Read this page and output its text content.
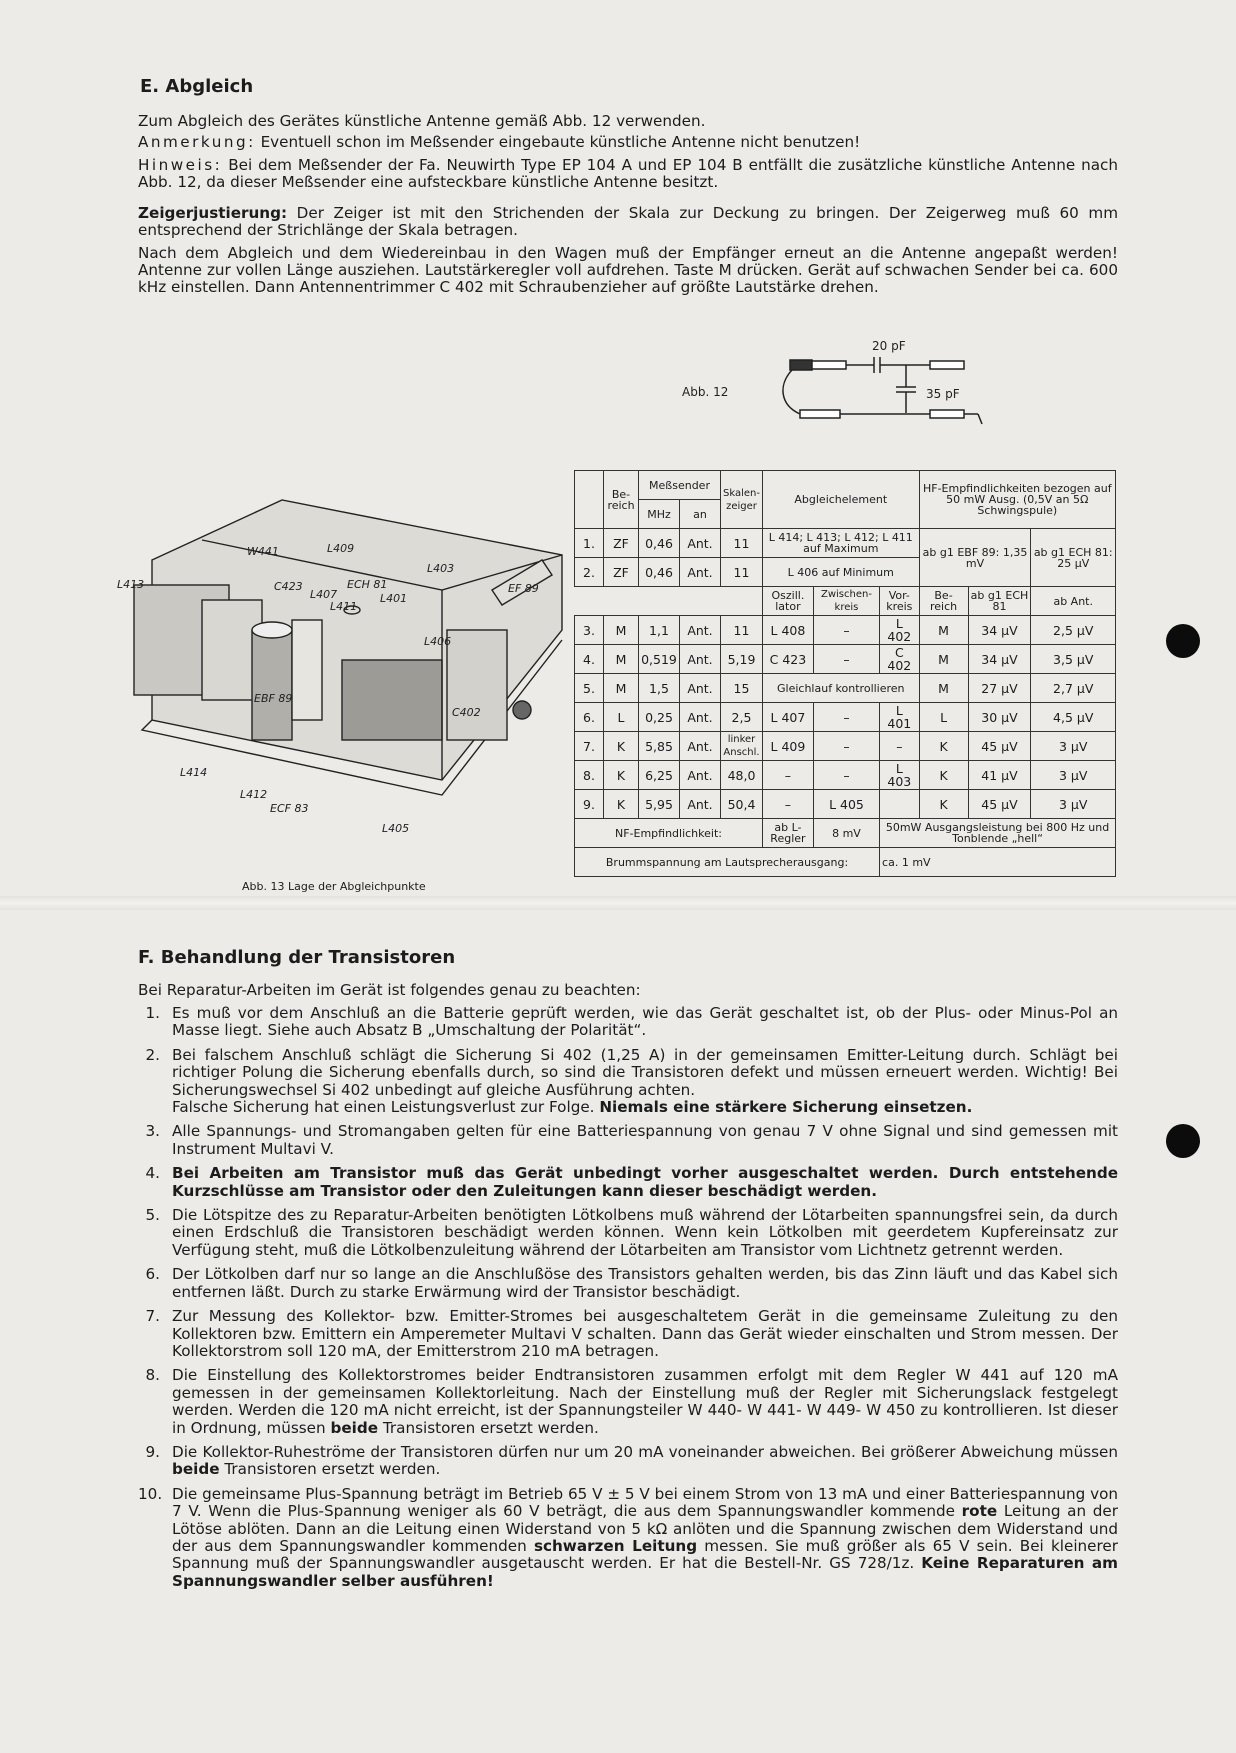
E. Abgleich

Zum Abgleich des Gerätes künstliche Antenne gemäß Abb. 12 verwenden.

Anmerkung: Eventuell schon im Meßsender eingebaute künstliche Antenne nicht benutzen!

Hinweis: Bei dem Meßsender der Fa. Neuwirth Type EP 104 A und EP 104 B entfällt die zusätzliche künstliche Antenne nach Abb. 12, da dieser Meßsender eine aufsteckbare künstliche Antenne besitzt.

Zeigerjustierung: Der Zeiger ist mit den Strichenden der Skala zur Deckung zu bringen. Der Zeigerweg muß 60 mm entsprechend der Strichlänge der Skala betragen.

Nach dem Abgleich und dem Wiedereinbau in den Wagen muß der Empfänger erneut an die Antenne angepaßt werden! Antenne zur vollen Länge ausziehen. Lautstärkeregler voll aufdrehen. Taste M drücken. Gerät auf schwachen Sender bei ca. 600 kHz einstellen. Dann Antennentrimmer C 402 mit Schraubenzieher auf größte Lautstärke drehen.

Abb. 12
20 pF
35 pF
W441	L409
L403
L413	C423
L407
ECH 81
L411
L401
EF 89
L406
EBF 89
C402
L414
L412
ECF 83
L405
Abb. 13 Lage der Abgleichpunkte
	Be-reich	Meßsender		Skalen-zeiger	Abgleichelement			HF-Empfindlichkeiten bezogen auf 50 mW Ausg. (0,5V an 5Ω Schwingspule)		
		MHz	an							
1.	ZF	0,46	Ant.	11	L 414; L 413; L 412; L 411 auf Maximum			ab g1 EBF 89: 1,35 mV		ab g1 ECH 81: 25 μV
2.	ZF	0,46	Ant.	11	L 406 auf Minimum					
					Oszill. lator	Zwischen-kreis	Vor-kreis	Be-reich	ab g1 ECH 81	ab Ant.
3.	M	1,1	Ant.	11	L 408	–	L 402	M	34 μV	2,5 μV
4.	M	0,519	Ant.	5,19	C 423	–	C 402	M	34 μV	3,5 μV
5.	M	1,5	Ant.	15	Gleichlauf kontrollieren			M	27 μV	2,7 μV
6.	L	0,25	Ant.	2,5	L 407	–	L 401	L	30 μV	4,5 μV
7.	K	5,85	Ant.	linker Anschl.	L 409	–	–	K	45 μV	3 μV
8.	K	6,25	Ant.	48,0	–	–	L 403	K	41 μV	3 μV
9.	K	5,95	Ant.	50,4	–	L 405		K	45 μV	3 μV
NF-Empfindlichkeit:					ab L-Regler	8 mV	50mW Ausgangsleistung bei 800 Hz und Tonblende „hell“			
Brummspannung am Lautsprecherausgang:							ca. 1 mV			
F. Behandlung der Transistoren

Bei Reparatur-Arbeiten im Gerät ist folgendes genau zu beachten:

1. Es muß vor dem Anschluß an die Batterie geprüft werden, wie das Gerät geschaltet ist, ob der Plus- oder Minus-Pol an Masse liegt. Siehe auch Absatz B „Umschaltung der Polarität“.
2. Bei falschem Anschluß schlägt die Sicherung Si 402 (1,25 A) in der gemeinsamen Emitter-Leitung durch. Schlägt bei richtiger Polung die Sicherung ebenfalls durch, so sind die Transistoren defekt und müssen erneuert werden. Wichtig! Bei Sicherungswechsel Si 402 unbedingt auf gleiche Ausführung achten.
Falsche Sicherung hat einen Leistungsverlust zur Folge. Niemals eine stärkere Sicherung einsetzen.
3. Alle Spannungs- und Stromangaben gelten für eine Batteriespannung von genau 7 V ohne Signal und sind gemessen mit Instrument Multavi V.
4. Bei Arbeiten am Transistor muß das Gerät unbedingt vorher ausgeschaltet werden. Durch entstehende Kurzschlüsse am Transistor oder den Zuleitungen kann dieser beschädigt werden.
5. Die Lötspitze des zu Reparatur-Arbeiten benötigten Lötkolbens muß während der Lötarbeiten spannungsfrei sein, da durch einen Erdschluß die Transistoren beschädigt werden können. Wenn kein Lötkolben mit geerdetem Kupfereinsatz zur Verfügung steht, muß die Lötkolbenzuleitung während der Lötarbeiten am Transistor vom Lichtnetz getrennt werden.
6. Der Lötkolben darf nur so lange an die Anschlußöse des Transistors gehalten werden, bis das Zinn läuft und das Kabel sich entfernen läßt. Durch zu starke Erwärmung wird der Transistor beschädigt.
7. Zur Messung des Kollektor- bzw. Emitter-Stromes bei ausgeschaltetem Gerät in die gemeinsame Zuleitung zu den Kollektoren bzw. Emittern ein Amperemeter Multavi V schalten. Dann das Gerät wieder einschalten und Strom messen. Der Kollektorstrom soll 120 mA, der Emitterstrom 210 mA betragen.
8. Die Einstellung des Kollektorstromes beider Endtransistoren zusammen erfolgt mit dem Regler W 441 auf 120 mA gemessen in der gemeinsamen Kollektorleitung. Nach der Einstellung muß der Regler mit Sicherungslack festgelegt werden. Werden die 120 mA nicht erreicht, ist der Spannungsteiler W 440- W 441- W 449- W 450 zu kontrollieren. Ist dieser in Ordnung, müssen beide Transistoren ersetzt werden.
9. Die Kollektor-Ruheströme der Transistoren dürfen nur um 20 mA voneinander abweichen. Bei größerer Abweichung müssen beide Transistoren ersetzt werden.
10. Die gemeinsame Plus-Spannung beträgt im Betrieb 65 V ± 5 V bei einem Strom von 13 mA und einer Batteriespannung von 7 V. Wenn die Plus-Spannung weniger als 60 V beträgt, die aus dem Spannungswandler kommende rote Leitung an der Lötöse ablöten. Dann an die Leitung einen Widerstand von 5 kΩ anlöten und die Spannung zwischen dem Widerstand und der aus dem Spannungswandler kommenden schwarzen Leitung messen. Sie muß größer als 65 V sein. Bei kleinerer Spannung muß der Spannungswandler ausgetauscht werden. Er hat die Bestell-Nr. GS 728/1z. Keine Reparaturen am Spannungswandler selber ausführen!
